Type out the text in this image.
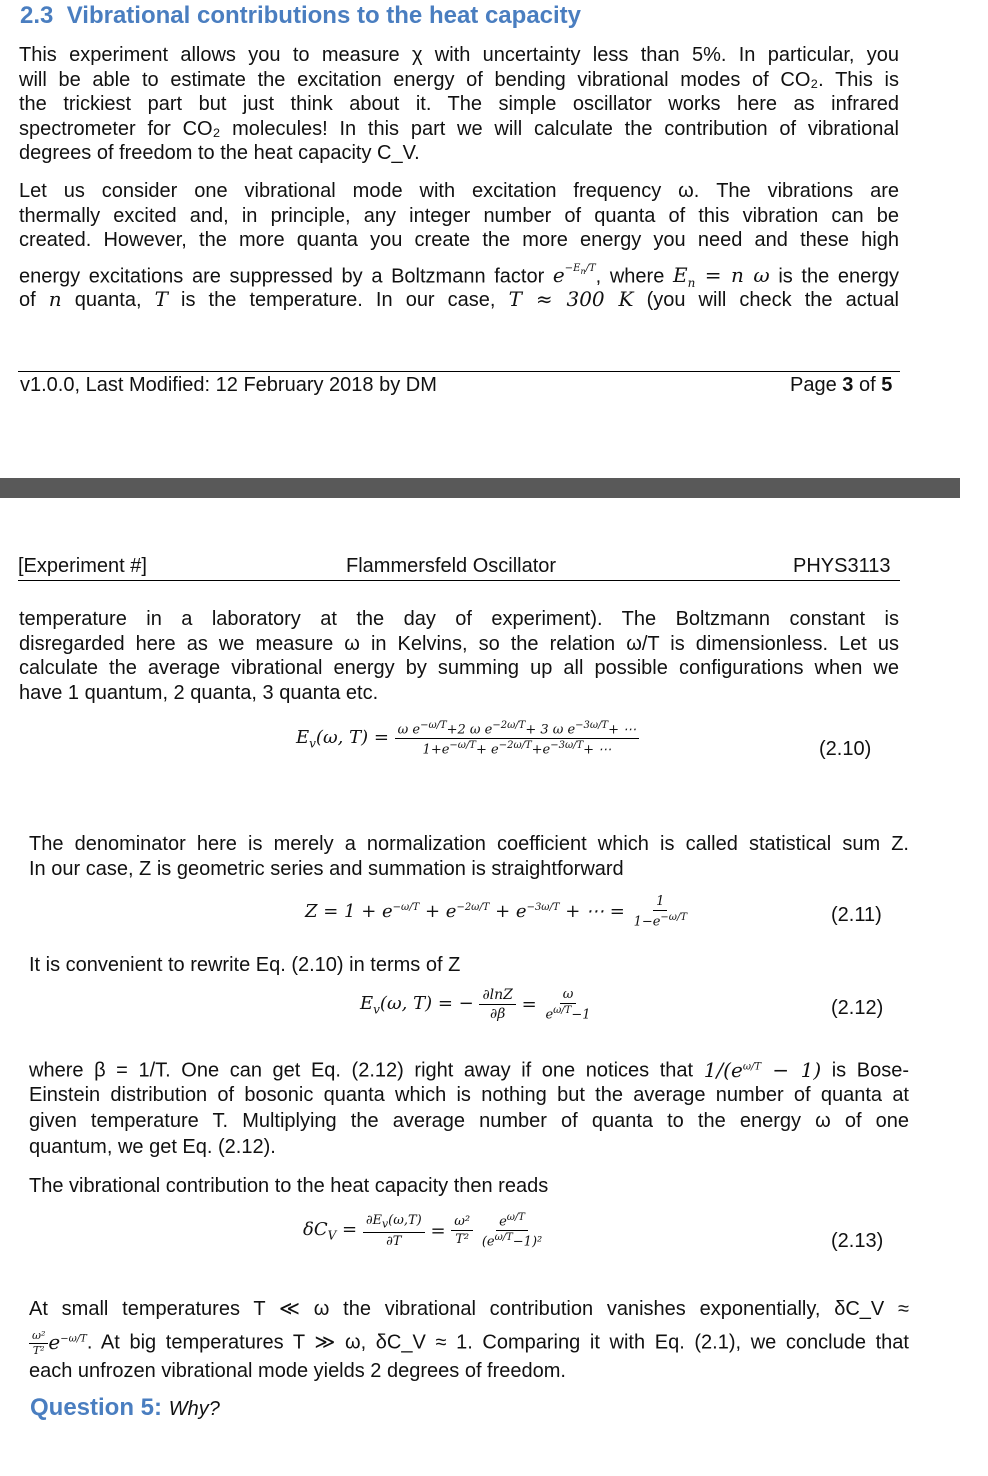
2.3 Vibrational contributions to the heat capacity
This experiment allows you to measure χ with uncertainty less than 5%. In particular, you
will be able to estimate the excitation energy of bending vibrational modes of CO₂. This is
the trickiest part but just think about it. The simple oscillator works here as infrared
spectrometer for CO₂ molecules! In this part we will calculate the contribution of vibrational
degrees of freedom to the heat capacity C_V.
Let us consider one vibrational mode with excitation frequency ω. The vibrations are
thermally excited and, in principle, any integer number of quanta of this vibration can be
created. However, the more quanta you create the more energy you need and these high
energy excitations are suppressed by a Boltzmann factor $e^{-E_n/T}$, where $E_n = n$ ω is the energy
of n quanta, T is the temperature. In our case, T ≈ 300 K (you will check the actual
v1.0.0, Last Modified: 12 February 2018 by DM	Page 3 of 5
[Experiment #]	Flammersfeld Oscillator	PHYS3113
temperature in a laboratory at the day of experiment). The Boltzmann constant is
disregarded here as we measure ω in Kelvins, so the relation ω/T is dimensionless. Let us
calculate the average vibrational energy by summing up all possible configurations when we
have 1 quantum, 2 quanta, 3 quanta etc.
$E_v(\omega$, $T) = \frac{\omega e^{-\omega/T}+2 \omega e^{-2\omega/T}+ 3 \omega e^{-3\omega/T}+ \cdots}{1+e^{-\omega/T}+ e^{-2\omega/T}+e^{-3\omega/T}+ \cdots}$	(2.10)
The denominator here is merely a normalization coefficient which is called statistical sum Z.
In our case, Z is geometric series and summation is straightforward
$Z = 1 + e^{-\omega/T} + e^{-2\omega/T} + e^{-3\omega/T}$ + ⋯ = $\frac{1}{1-e^{-\omega/T}}$	(2.11)
It is convenient to rewrite Eq. (2.10) in terms of Z
$E_v(\omega$, T) = − $\frac{\partial\ln Z}{\partial\beta} = \frac{\omega}{e^{\omega/T}-1}$	(2.12)
where β = 1/T. One can get Eq. (2.12) right away if one notices that $1/(e^{\omega/T} - 1)$ is Bose-
Einstein distribution of bosonic quanta which is nothing but the average number of quanta at
given temperature T. Multiplying the average number of quanta to the energy ω of one
quantum, we get Eq. (2.12).
The vibrational contribution to the heat capacity then reads
$\delta C_V = \frac{\partial E_v(\omega,T)}{\partial T} = \frac{\text{ω²}}{\text{T²}}$
$\frac{e^{\omega/T}}{(e^{\omega/T}-1)^2}$	(2.13)
At small temperatures T ≪ ω the vibrational contribution vanishes exponentially, δC_V ≈
$\frac{\text{ω²}}{\text{T²}} e^{-\omega/T}$. At big temperatures T ≫ ω, δC_V ≈ 1. Comparing it with Eq. (2.1), we conclude that
each unfrozen vibrational mode yields 2 degrees of freedom.
Question 5: Why?
